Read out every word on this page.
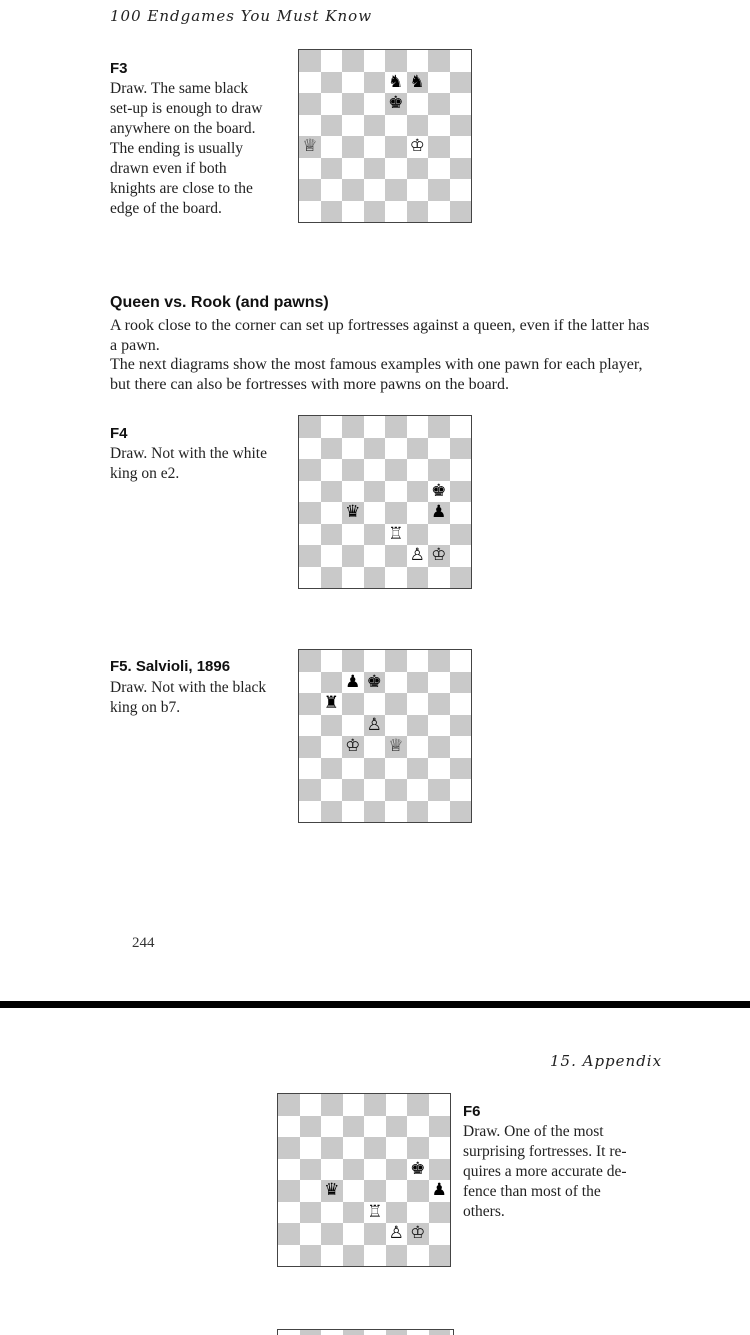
100 Endgames You Must Know
F3
Draw. The same black
set-up is enough to draw
anywhere on the board.
The ending is usually
drawn even if both
knights are close to the
edge of the board.
♞ ♞
♚
♕	♔
Queen vs. Rook (and pawns)
A rook close to the corner can set up fortresses against a queen, even if the latter has
a pawn.
The next diagrams show the most famous examples with one pawn for each player,
but there can also be fortresses with more pawns on the board.
F4
Draw. Not with the white
king on e2.
♚
♛	♟
♖
♙ ♔
F5. Salvioli, 1896
Draw. Not with the black
king on b7.
♟ ♚
♜
♙
♔ ♕
244
15. Appendix
♚
♛	♟
♖
♙ ♔
F6
Draw. One of the most
surprising fortresses. It re-
quires a more accurate de-
fence than most of the
others.
